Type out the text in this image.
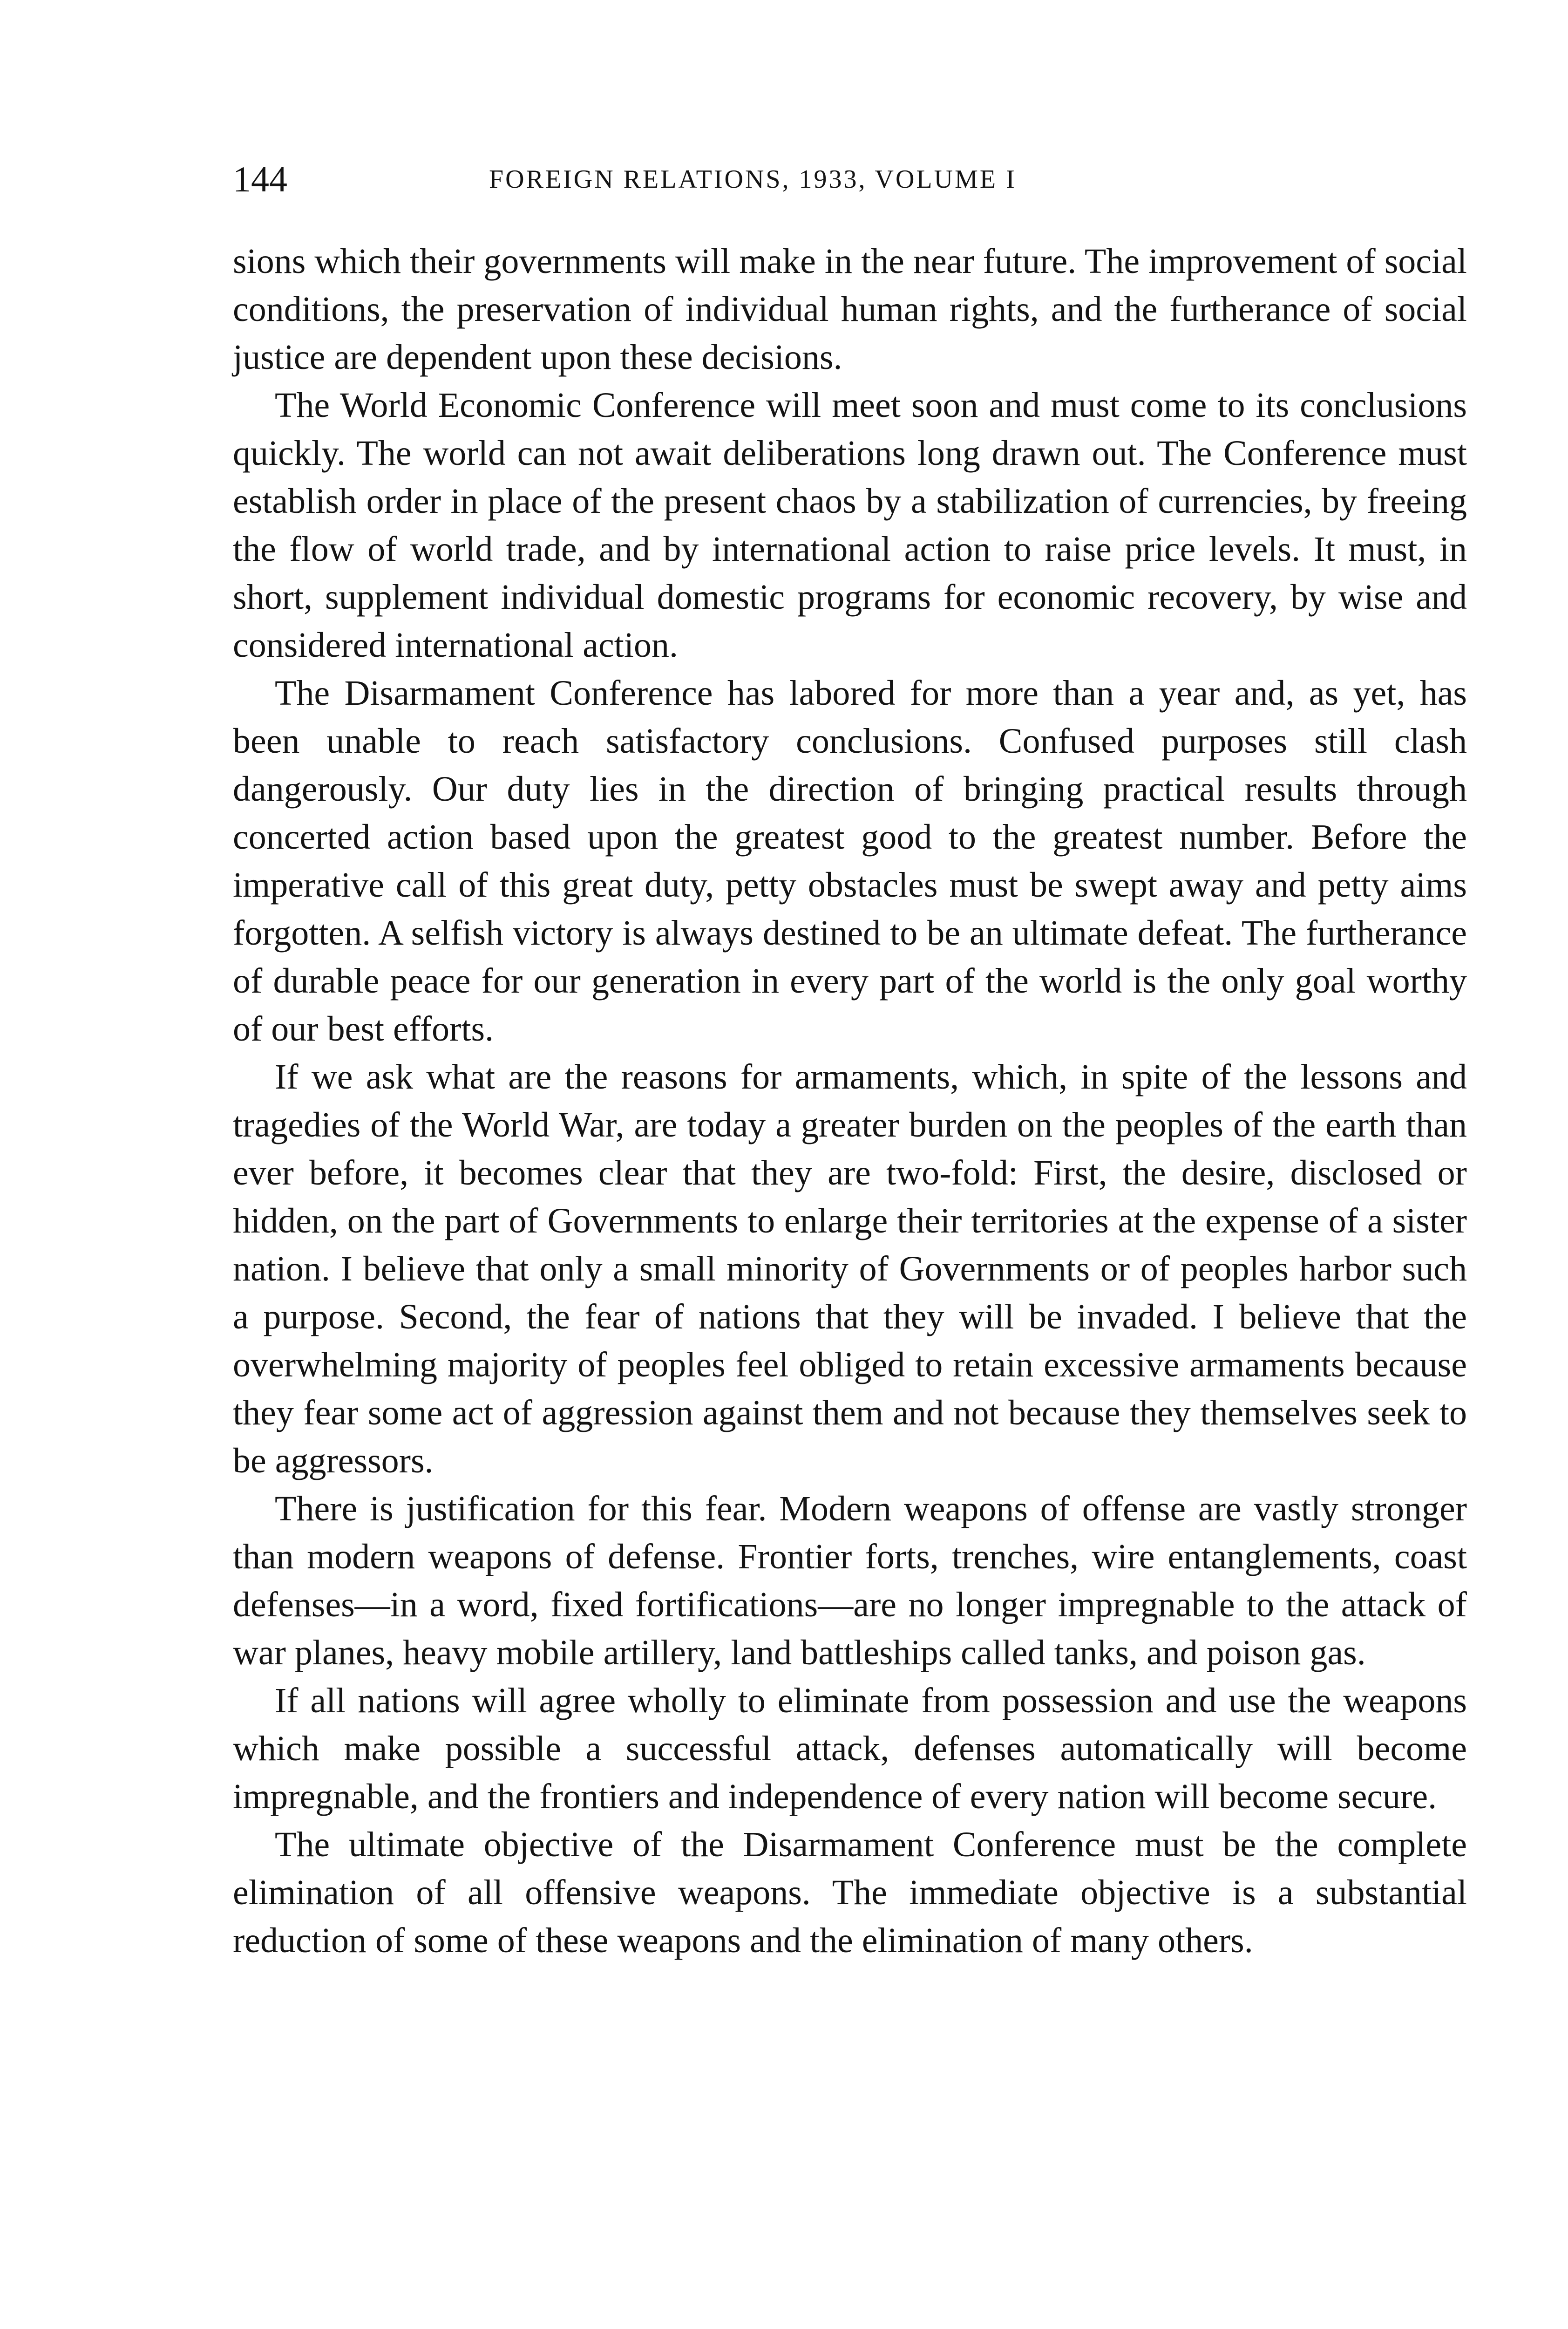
144	FOREIGN RELATIONS, 1933, VOLUME I

sions which their governments will make in the near future. The improvement of social conditions, the preservation of individual human rights, and the furtherance of social justice are dependent upon these decisions.

The World Economic Conference will meet soon and must come to its conclusions quickly. The world can not await deliberations long drawn out. The Conference must establish order in place of the present chaos by a stabilization of currencies, by freeing the flow of world trade, and by international action to raise price levels. It must, in short, supplement individual domestic programs for economic recovery, by wise and considered international action.

The Disarmament Conference has labored for more than a year and, as yet, has been unable to reach satisfactory conclusions. Confused purposes still clash dangerously. Our duty lies in the direction of bringing practical results through concerted action based upon the greatest good to the greatest number. Before the imperative call of this great duty, petty obstacles must be swept away and petty aims forgotten. A selfish victory is always destined to be an ultimate defeat. The furtherance of durable peace for our generation in every part of the world is the only goal worthy of our best efforts.

If we ask what are the reasons for armaments, which, in spite of the lessons and tragedies of the World War, are today a greater burden on the peoples of the earth than ever before, it becomes clear that they are two-fold: First, the desire, disclosed or hidden, on the part of Governments to enlarge their territories at the expense of a sister nation. I believe that only a small minority of Governments or of peoples harbor such a purpose. Second, the fear of nations that they will be invaded. I believe that the overwhelming majority of peoples feel obliged to retain excessive armaments because they fear some act of aggression against them and not because they themselves seek to be aggressors.

There is justification for this fear. Modern weapons of offense are vastly stronger than modern weapons of defense. Frontier forts, trenches, wire entanglements, coast defenses—in a word, fixed fortifications—are no longer impregnable to the attack of war planes, heavy mobile artillery, land battleships called tanks, and poison gas.

If all nations will agree wholly to eliminate from possession and use the weapons which make possible a successful attack, defenses automatically will become impregnable, and the frontiers and independence of every nation will become secure.

The ultimate objective of the Disarmament Conference must be the complete elimination of all offensive weapons. The immediate objective is a substantial reduction of some of these weapons and the elimination of many others.
